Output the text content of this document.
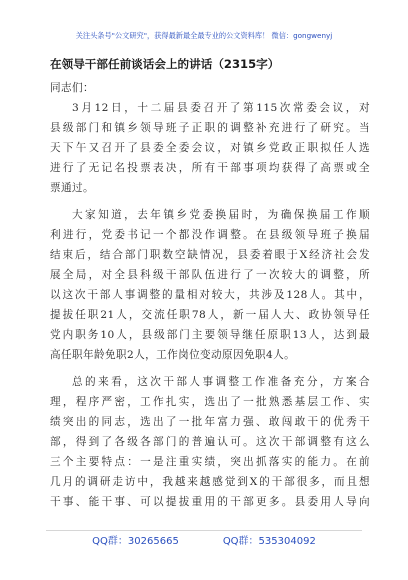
关注头条号"公文研究"，获得最新最全最专业的公文资料库！ 微信：gongwenyj
在领导干部任前谈话会上的讲话（2315字）
同志们：
3月12日，十二届县委召开了第115次常委会议，对
县级部门和镇乡领导班子正职的调整补充进行了研究。当
天下午又召开了县委全委会议，对镇乡党政正职拟任人选
进行了无记名投票表决，所有干部事项均获得了高票或全
票通过。
大家知道，去年镇乡党委换届时，为确保换届工作顺
利进行，党委书记一个都没作调整。在县级领导班子换届
结束后，结合部门职数空缺情况，县委着眼于X经济社会发
展全局，对全县科级干部队伍进行了一次较大的调整，所
以这次干部人事调整的量相对较大，共涉及128人。其中，
提拔任职21人，交流任职78人，新一届人大、政协领导任
党内职务10人，县级部门主要领导继任原职13人，达到最
高任职年龄免职2人，工作岗位变动原因免职4人。
总的来看，这次干部人事调整工作准备充分，方案合
理，程序严密，工作扎实，选出了一批熟悉基层工作、实
绩突出的同志，选出了一批年富力强、敢闯敢干的优秀干
部，得到了各级各部门的普遍认可。这次干部调整有这么
三个主要特点：一是注重实绩，突出抓落实的能力。在前
几月的调研走访中，我越来越感觉到X的干部很多，而且想
干事、能干事、可以提拔重用的干部更多。县委用人导向
QQ群：30265665	QQ群：535304092
